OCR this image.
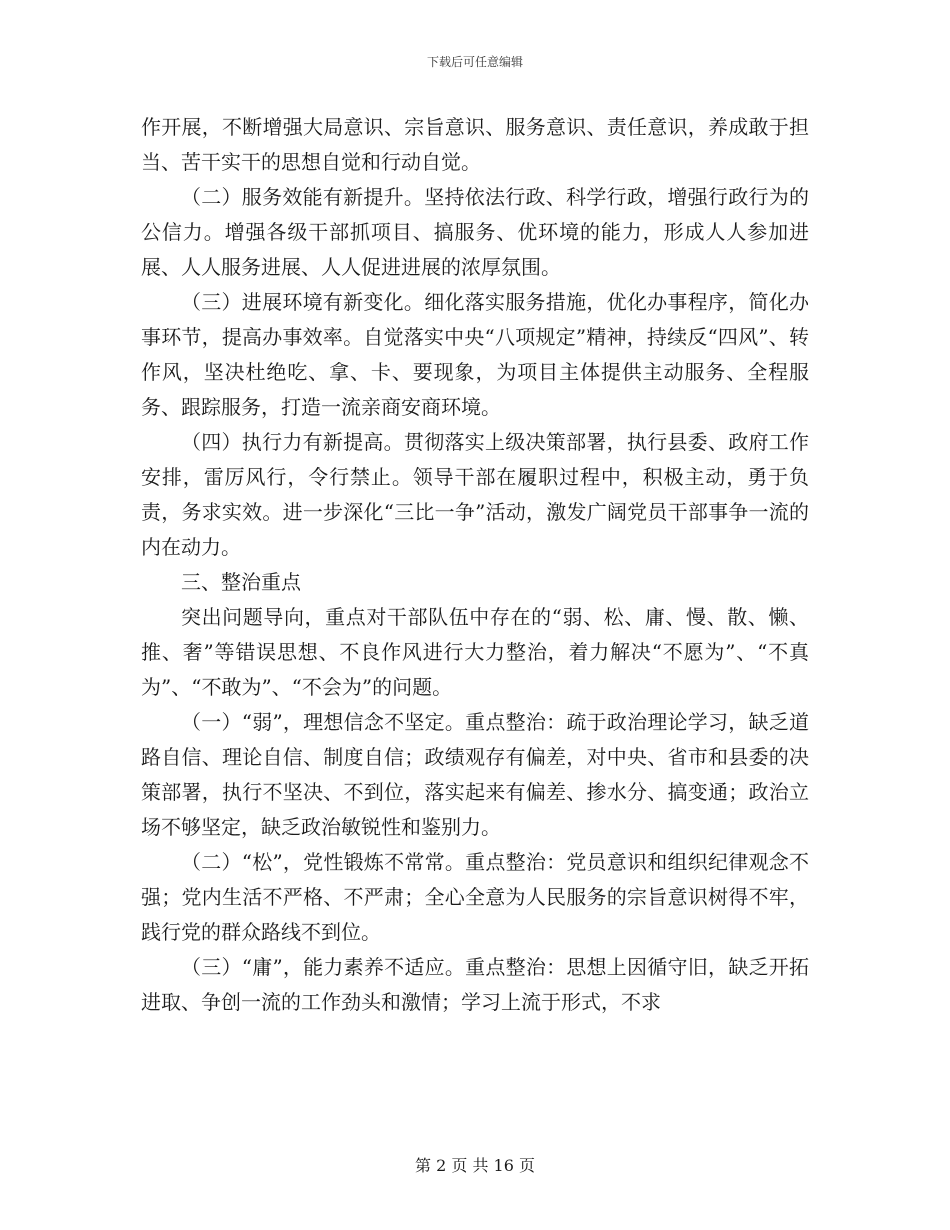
下载后可任意编辑

作开展，不断增强大局意识、宗旨意识、服务意识、责任意识，养成敢于担当、苦干实干的思想自觉和行动自觉。

（二）服务效能有新提升。坚持依法行政、科学行政，增强行政行为的公信力。增强各级干部抓项目、搞服务、优环境的能力，形成人人参加进展、人人服务进展、人人促进进展的浓厚氛围。

（三）进展环境有新变化。细化落实服务措施，优化办事程序，简化办事环节，提高办事效率。自觉落实中央“八项规定”精神，持续反“四风”、转作风，坚决杜绝吃、拿、卡、要现象，为项目主体提供主动服务、全程服务、跟踪服务，打造一流亲商安商环境。

（四）执行力有新提高。贯彻落实上级决策部署，执行县委、政府工作安排，雷厉风行，令行禁止。领导干部在履职过程中，积极主动，勇于负责，务求实效。进一步深化“三比一争”活动，激发广阔党员干部事争一流的内在动力。

三、整治重点

突出问题导向，重点对干部队伍中存在的“弱、松、庸、慢、散、懒、推、奢”等错误思想、不良作风进行大力整治，着力解决“不愿为”、“不真为”、“不敢为”、“不会为”的问题。

（一）“弱”，理想信念不坚定。重点整治：疏于政治理论学习，缺乏道路自信、理论自信、制度自信；政绩观存有偏差，对中央、省市和县委的决策部署，执行不坚决、不到位，落实起来有偏差、掺水分、搞变通；政治立场不够坚定，缺乏政治敏锐性和鉴别力。

（二）“松”，党性锻炼不常常。重点整治：党员意识和组织纪律观念不强；党内生活不严格、不严肃；全心全意为人民服务的宗旨意识树得不牢，践行党的群众路线不到位。

（三）“庸”，能力素养不适应。重点整治：思想上因循守旧，缺乏开拓进取、争创一流的工作劲头和激情；学习上流于形式，不求

第 2 页 共 16 页
